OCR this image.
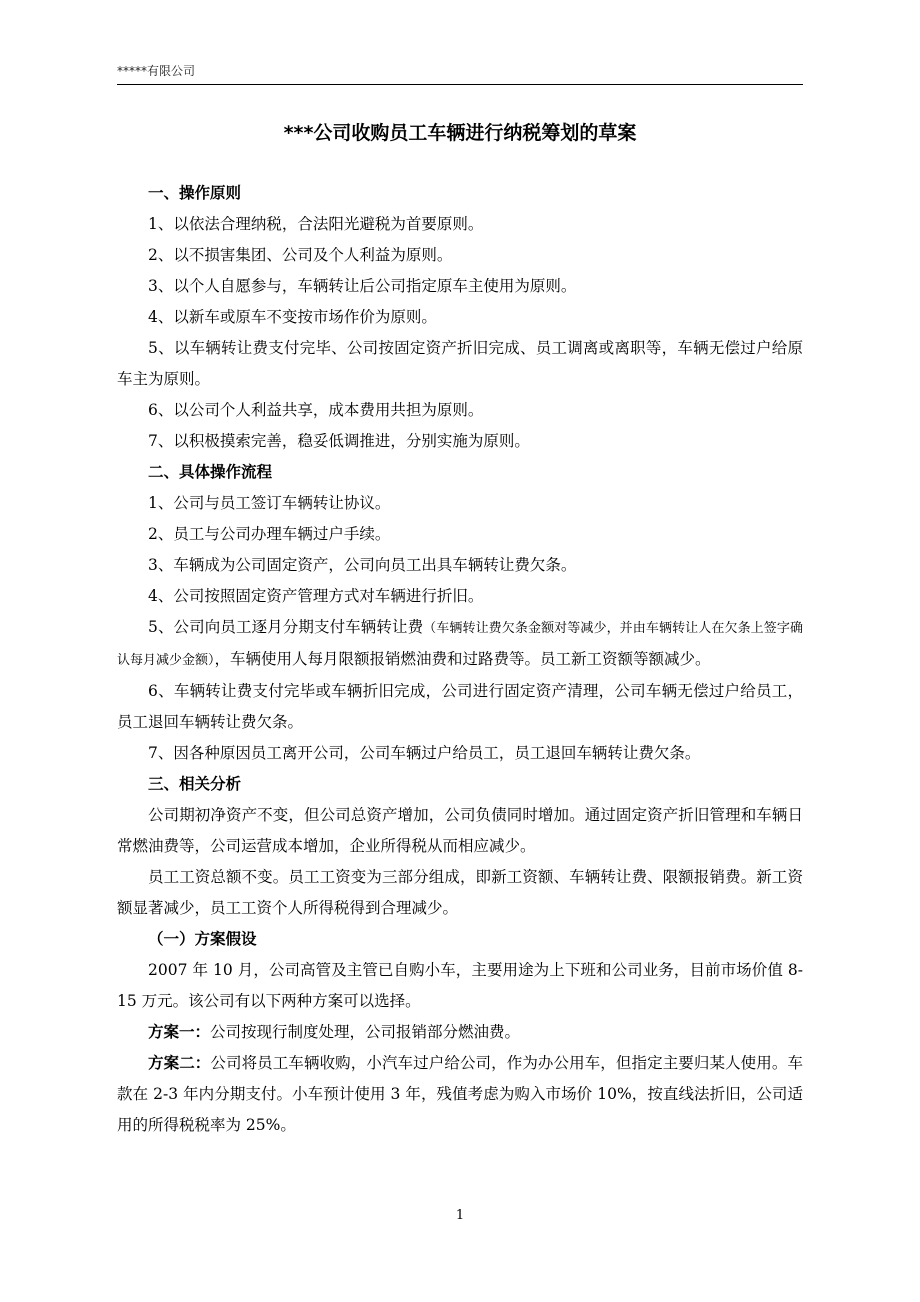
*****有限公司
***公司收购员工车辆进行纳税筹划的草案

一、操作原则

1、以依法合理纳税，合法阳光避税为首要原则。

2、以不损害集团、公司及个人利益为原则。

3、以个人自愿参与，车辆转让后公司指定原车主使用为原则。

4、以新车或原车不变按市场作价为原则。

5、以车辆转让费支付完毕、公司按固定资产折旧完成、员工调离或离职等，车辆无偿过户给原车主为原则。

6、以公司个人利益共享，成本费用共担为原则。

7、以积极摸索完善，稳妥低调推进，分别实施为原则。

二、具体操作流程

1、公司与员工签订车辆转让协议。

2、员工与公司办理车辆过户手续。

3、车辆成为公司固定资产，公司向员工出具车辆转让费欠条。

4、公司按照固定资产管理方式对车辆进行折旧。

5、公司向员工逐月分期支付车辆转让费（车辆转让费欠条金额对等减少，并由车辆转让人在欠条上签字确认每月减少金额），车辆使用人每月限额报销燃油费和过路费等。员工新工资额等额减少。

6、车辆转让费支付完毕或车辆折旧完成，公司进行固定资产清理，公司车辆无偿过户给员工，员工退回车辆转让费欠条。

7、因各种原因员工离开公司，公司车辆过户给员工，员工退回车辆转让费欠条。

三、相关分析

公司期初净资产不变，但公司总资产增加，公司负债同时增加。通过固定资产折旧管理和车辆日常燃油费等，公司运营成本增加，企业所得税从而相应减少。

员工工资总额不变。员工工资变为三部分组成，即新工资额、车辆转让费、限额报销费。新工资额显著减少，员工工资个人所得税得到合理减少。

（一）方案假设

2007 年 10 月，公司高管及主管已自购小车，主要用途为上下班和公司业务，目前市场价值 8-15 万元。该公司有以下两种方案可以选择。

方案一：公司按现行制度处理，公司报销部分燃油费。

方案二：公司将员工车辆收购，小汽车过户给公司，作为办公用车，但指定主要归某人使用。车款在 2-3 年内分期支付。小车预计使用 3 年，残值考虑为购入市场价 10%，按直线法折旧，公司适用的所得税税率为 25%。

1
